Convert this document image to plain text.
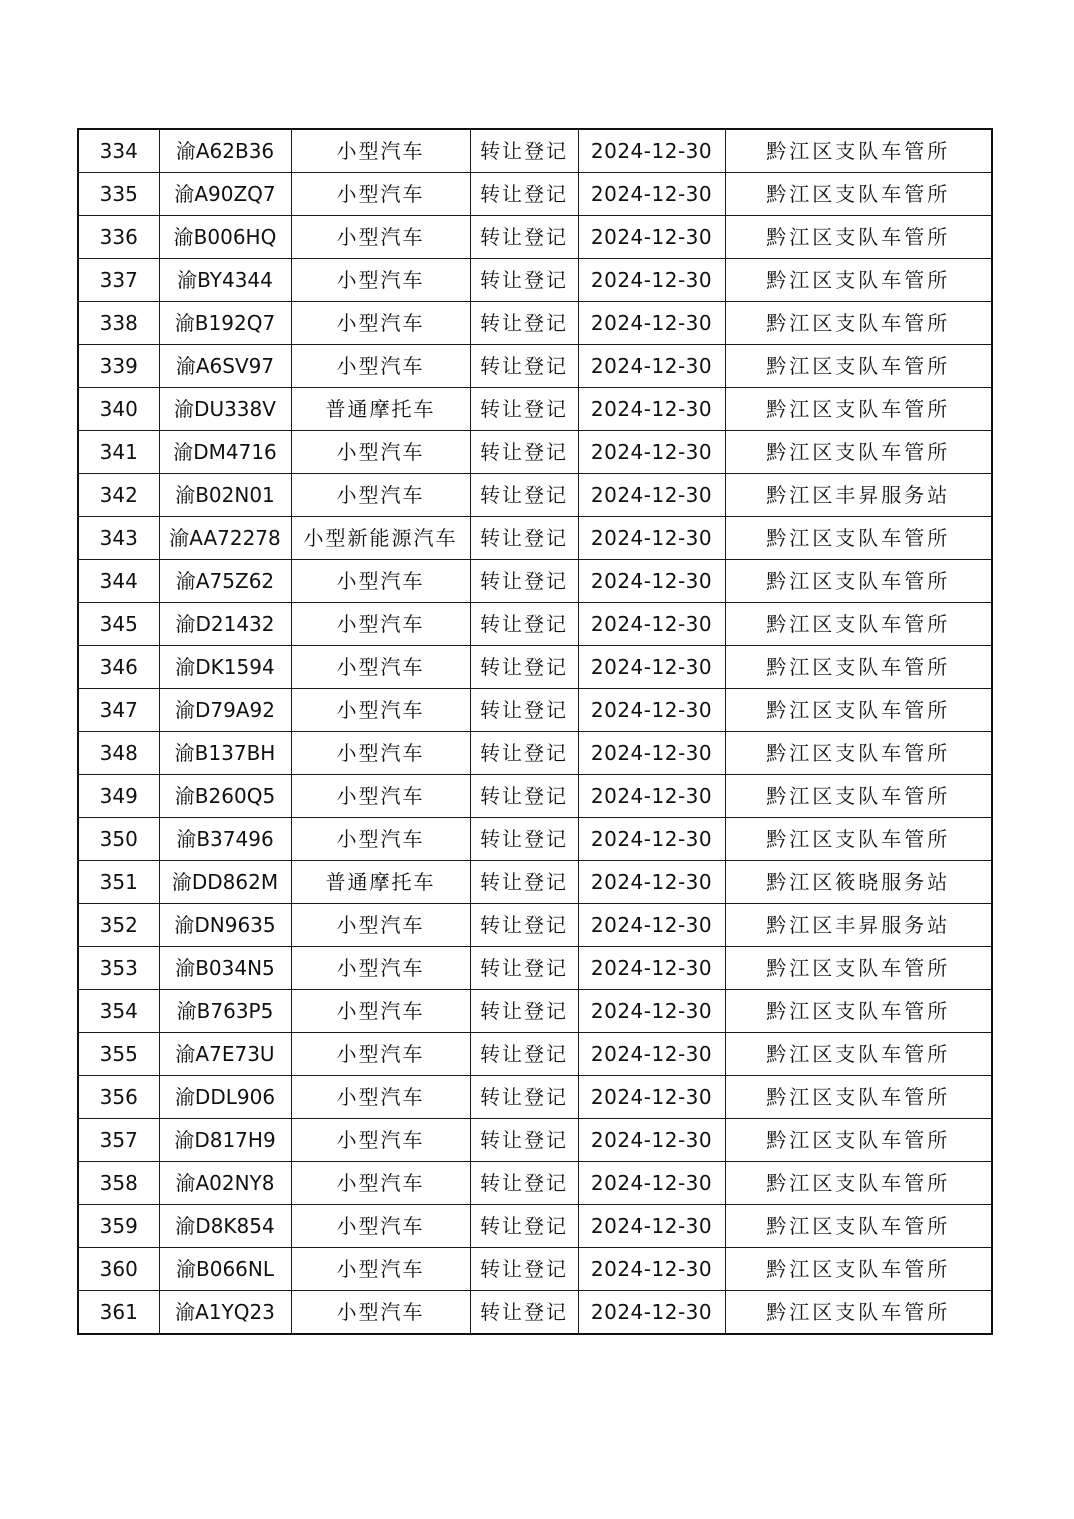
334	渝A62B36	小型汽车	转让登记	2024-12-30	黔江区支队车管所
335	渝A90ZQ7	小型汽车	转让登记	2024-12-30	黔江区支队车管所
336	渝B006HQ	小型汽车	转让登记	2024-12-30	黔江区支队车管所
337	渝BY4344	小型汽车	转让登记	2024-12-30	黔江区支队车管所
338	渝B192Q7	小型汽车	转让登记	2024-12-30	黔江区支队车管所
339	渝A6SV97	小型汽车	转让登记	2024-12-30	黔江区支队车管所
340	渝DU338V	普通摩托车	转让登记	2024-12-30	黔江区支队车管所
341	渝DM4716	小型汽车	转让登记	2024-12-30	黔江区支队车管所
342	渝B02N01	小型汽车	转让登记	2024-12-30	黔江区丰昇服务站
343	渝AA72278	小型新能源汽车	转让登记	2024-12-30	黔江区支队车管所
344	渝A75Z62	小型汽车	转让登记	2024-12-30	黔江区支队车管所
345	渝D21432	小型汽车	转让登记	2024-12-30	黔江区支队车管所
346	渝DK1594	小型汽车	转让登记	2024-12-30	黔江区支队车管所
347	渝D79A92	小型汽车	转让登记	2024-12-30	黔江区支队车管所
348	渝B137BH	小型汽车	转让登记	2024-12-30	黔江区支队车管所
349	渝B260Q5	小型汽车	转让登记	2024-12-30	黔江区支队车管所
350	渝B37496	小型汽车	转让登记	2024-12-30	黔江区支队车管所
351	渝DD862M	普通摩托车	转让登记	2024-12-30	黔江区筱晓服务站
352	渝DN9635	小型汽车	转让登记	2024-12-30	黔江区丰昇服务站
353	渝B034N5	小型汽车	转让登记	2024-12-30	黔江区支队车管所
354	渝B763P5	小型汽车	转让登记	2024-12-30	黔江区支队车管所
355	渝A7E73U	小型汽车	转让登记	2024-12-30	黔江区支队车管所
356	渝DDL906	小型汽车	转让登记	2024-12-30	黔江区支队车管所
357	渝D817H9	小型汽车	转让登记	2024-12-30	黔江区支队车管所
358	渝A02NY8	小型汽车	转让登记	2024-12-30	黔江区支队车管所
359	渝D8K854	小型汽车	转让登记	2024-12-30	黔江区支队车管所
360	渝B066NL	小型汽车	转让登记	2024-12-30	黔江区支队车管所
361	渝A1YQ23	小型汽车	转让登记	2024-12-30	黔江区支队车管所
